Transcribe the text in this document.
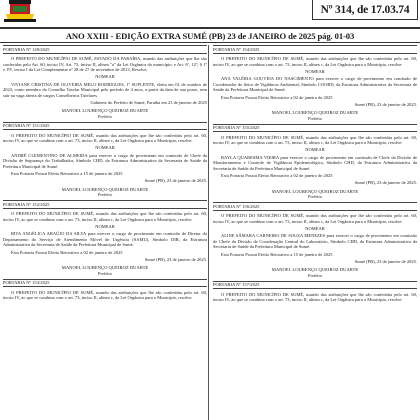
Nº 314, de 17.03.74
ANO XXIII - EDIÇÃO EXTRA SUMÉ (PB) 23 de JANEIRO de 2025 pág. 01-03
PORTARIA Nº 149/2025
O PREFEITO DO MUNICÍPIO DE SUMÉ, ESTADO DA PARAÍBA, usando das atribuições que lhe são conferidas pelo Art. 60, inciso IV, Art. 73, inciso II, alínea "a" da Lei Orgânica do município; e Art. 6º, 12º; § 1º e 19º, inciso I da Lei Complementar nº 28 de 27 de novembro de 2013, Resolve,
NOMEAR
VIVIANE CRISTINA DE OLIVEIRA MELO RODRIGUES, 1º SUPLENTE, eleita em 01 de outubro de 2023, como membro do Conselho Tutelar Municipal pelo período de 4 anos, a partir da data de sua posse, sem sair na vaga aberta de cargos Conselheiros Tutelares.
Gabinete do Prefeito de Sumé, Paraíba em 23 de janeiro de 2025
MANOEL LOURENÇO QUEIROZ DUARTE
Prefeito
PORTARIA Nº 151/2025
O PREFEITO DO MUNICÍPIO DE SUMÉ, usando das atribuições que lhe são conferidas pelo art. 60, inciso IV, ao que se combina com o art. 73, inciso II, alínea c, da Lei Orgânica para o Município, resolve:
NOMEAR
ANDRÉ CLEMENTINO DE ALMEIDA para exercer o cargo de provimento em comissão de Chefe da Divisão de Segurança do Trabalhador, Símbolo CHD, da Estrutura Administrativa da Secretaria de Saúde da Prefeitura Municipal de Sumé.
Esta Portaria Possui Efeito Retroativo a 15 de janeiro de 2025
Sumé (PB), 23 de janeiro de 2025.
MANOEL LOURENÇO QUEIROZ DUARTE
Prefeito
PORTARIA Nº 152/2025
O PREFEITO DO MUNICÍPIO DE SUMÉ, usando das atribuições que lhe são conferidas pelo art. 60, inciso IV, ao que se combina com o art. 73, inciso II, alínea c, da Lei Orgânica para o Município, resolve:
NOMEAR
RITA ANGÉLICA ARAÚJO DA SILVA para exercer o cargo de provimento em comissão de Diretor do Departamento do Serviço de Atendimento Móvel de Urgência (SAMU), Símbolo DIR, da Estrutura Administrativa da Secretaria de Saúde da Prefeitura Municipal de Sumé.
Esta Portaria Possui Efeito Retroativo a 02 de janeiro de 2025
Sumé (PB), 23 de janeiro de 2025.
MANOEL LOURENÇO QUEIROZ DUARTE
Prefeito
PORTARIA Nº 153/2025
O PREFEITO DO MUNICÍPIO DE SUMÉ, usando das atribuições que lhe são conferidas pelo art. 60, inciso IV, ao que se combina com o art. 73, inciso II, alínea c, da Lei Orgânica para o Município, resolve:
PORTARIA Nº 154/2025
O PREFEITO DO MUNICÍPIO DE SUMÉ, usando das atribuições que lhe são conferidas pelo art. 60, inciso IV, ao que se combina com o art. 73, inciso II, alínea c, da Lei Orgânica para o Município, resolve:
NOMEAR
ANA VALÉRIA GOUVEIA DO NASCIMENTO para exercer o cargo de provimento em comissão de Coordenador do Setor de Vigilância Ambiental, Símbolo COORD, da Estrutura Administrativa da Secretaria de Saúde da Prefeitura Municipal de Sumé.
Esta Portaria Possui Efeito Retroativo a 02 de janeiro de 2025
Sumé (PB), 23 de janeiro de 2025.
MANOEL LOURENÇO QUEIROZ DUARTE
Prefeito
PORTARIA Nº 155/2025
O PREFEITO DO MUNICÍPIO DE SUMÉ, usando das atribuições que lhe são conferidas pelo art. 60, inciso IV, ao que se combina com o art. 73, inciso II, alínea c, da Lei Orgânica para o Município, resolve:
NOMEAR
RAYLA QUARESMA VIEIRA para exercer o cargo de provimento em comissão de Chefe da Divisão de Monitoramento e Controle de Vigilância Epidemiológica, Símbolo CHD, da Estrutura Administrativa da Secretaria de Saúde da Prefeitura Municipal de Sumé.
Esta Portaria Possui Efeito Retroativo a 02 de janeiro de 2025
Sumé (PB), 23 de janeiro de 2025.
MANOEL LOURENÇO QUEIROZ DUARTE
Prefeito
PORTARIA Nº 156/2025
O PREFEITO DO MUNICÍPIO DE SUMÉ, usando das atribuições que lhe são conferidas pelo art. 60, inciso IV, ao que se combina com o art. 73, inciso II, alínea c, da Lei Orgânica para o Município, resolve:
NOMEAR
ALINE SÂMARA CARNEIRO DE SOUZA MENEZES para exercer o cargo de provimento em comissão de Chefe da Divisão de Coordenação Central do Laboratório, Símbolo CHD, da Estrutura Administrativa da Secretaria de Saúde da Prefeitura Municipal de Sumé.
Esta Portaria Possui Efeito Retroativo a 15 de janeiro de 2025
Sumé (PB), 23 de janeiro de 2025.
MANOEL LOURENÇO QUEIROZ DUARTE
Prefeito
PORTARIA Nº 157/2025
O PREFEITO DO MUNICÍPIO DE SUMÉ, usando das atribuições que lhe são conferidas pelo art. 60, inciso IV, ao que se combina com o art. 73, inciso II, alínea c, da Lei Orgânica para o Município, resolve:
